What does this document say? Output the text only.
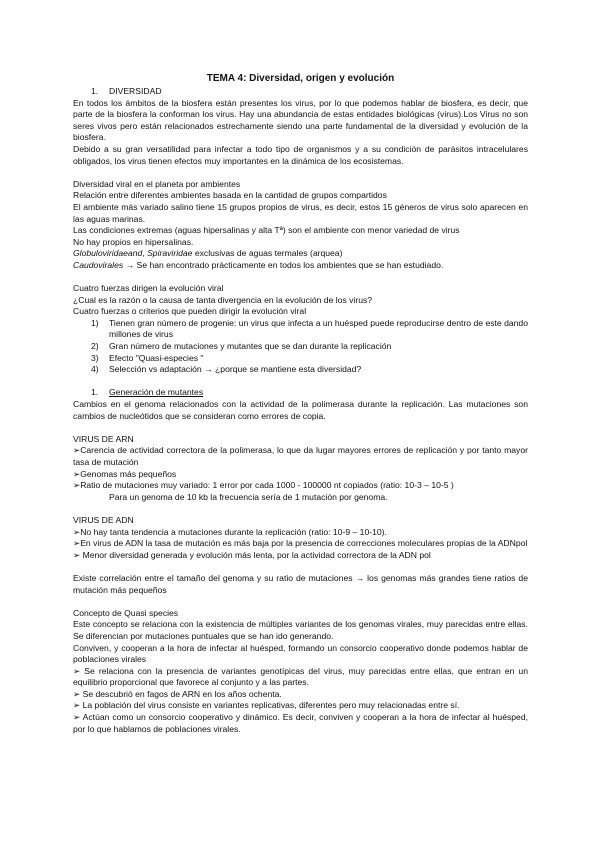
TEMA 4: Diversidad, origen y evolución
1.	DIVERSIDAD

En todos los ámbitos de la biosfera están presentes los virus, por lo que podemos hablar de biosfera, es decir, que parte de la biosfera la conforman los virus. Hay una abundancia de estas entidades biológicas (virus).Los Virus no son seres vivos pero están relacionados estrechamente siendo una parte fundamental de la diversidad y evolución de la biosfera.

Debido a su gran versatilidad para infectar a todo tipo de organismos y a su condición de parásitos intracelulares obligados, los virus tienen efectos muy importantes en la dinámica de los ecosistemas.

Diversidad viral en el planeta por ambientes

Relación entre diferentes ambientes basada en la cantidad de grupos compartidos

El ambiente más variado salino tiene 15 grupos propios de virus, es decir, estos 15 géneros de virus solo aparecen en las aguas marinas.

Las condiciones extremas (aguas hipersalinas y alta Tª) son el ambiente con menor variedad de virus

No hay propios en hipersalinas.

Globuloviridaeand, Spiraviridae exclusivas de aguas termales (arquea)

Caudovirales → Se han encontrado prácticamente en todos los ambientes que se han estudiado.

Cuatro fuerzas dirigen la evolución viral

¿Cual es la razón o la causa de tanta divergencia en la evolución de los virus?

Cuatro fuerzas o criterios que pueden dirigir la evolución viral

1)	Tienen gran número de progenie: un virus que infecta a un huésped puede reproducirse dentro de este dando millones de virus
2)	Gran número de mutaciones y mutantes que se dan durante la replicación
3)	Efecto "Quasi-especies "
4)	Selección vs adaptación → ¿porque se mantiene esta diversidad?
1.	Generación de mutantes

Cambios en el genoma relacionados con la actividad de la polimerasa durante la replicación. Las mutaciones son cambios de nucleótidos que se consideran como errores de copia.

VIRUS DE ARN

➢Carencia de actividad correctora de la polimerasa, lo que da lugar mayores errores de replicación y por tanto mayor tasa de mutación

➢Genomas más pequeños

➢Ratio de mutaciones muy variado: 1 error por cada 1000 - 100000 nt copiados (ratio: 10-3 – 10-5 )

Para un genoma de 10 kb la frecuencia sería de 1 mutación por genoma.

VIRUS DE ADN

➢No hay tanta tendencia a mutaciones durante la replicación (ratio: 10-9 – 10-10).

➢En virus de ADN la tasa de mutación es más baja por la presencia de correcciones moleculares propias de la ADNpol

➢ Menor diversidad generada y evolución más lenta, por la actividad correctora de la ADN pol

Existe correlación entre el tamaño del genoma y su ratio de mutaciones → los genomas más grandes tiene ratios de mutación más pequeños

Concepto de Quasi species

Este concepto se relaciona con la existencia de múltiples variantes de los genomas virales, muy parecidas entre ellas. Se diferencian por mutaciones puntuales que se han ido generando.

Conviven, y cooperan a la hora de infectar al huésped, formando un consorcio cooperativo donde podemos hablar de poblaciones virales

➢ Se relaciona con la presencia de variantes genotípicas del virus, muy parecidas entre ellas, que entran en un equilibrio proporcional que favorece al conjunto y a las partes.

➢ Se descubrió en fagos de ARN en los años ochenta.

➢ La población del virus consiste en variantes replicativas, diferentes pero muy relacionadas entre sí.

➢ Actúan como un consorcio cooperativo y dinámico. Es decir, conviven y cooperan a la hora de infectar al huésped, por lo que hablamos de poblaciones virales.
